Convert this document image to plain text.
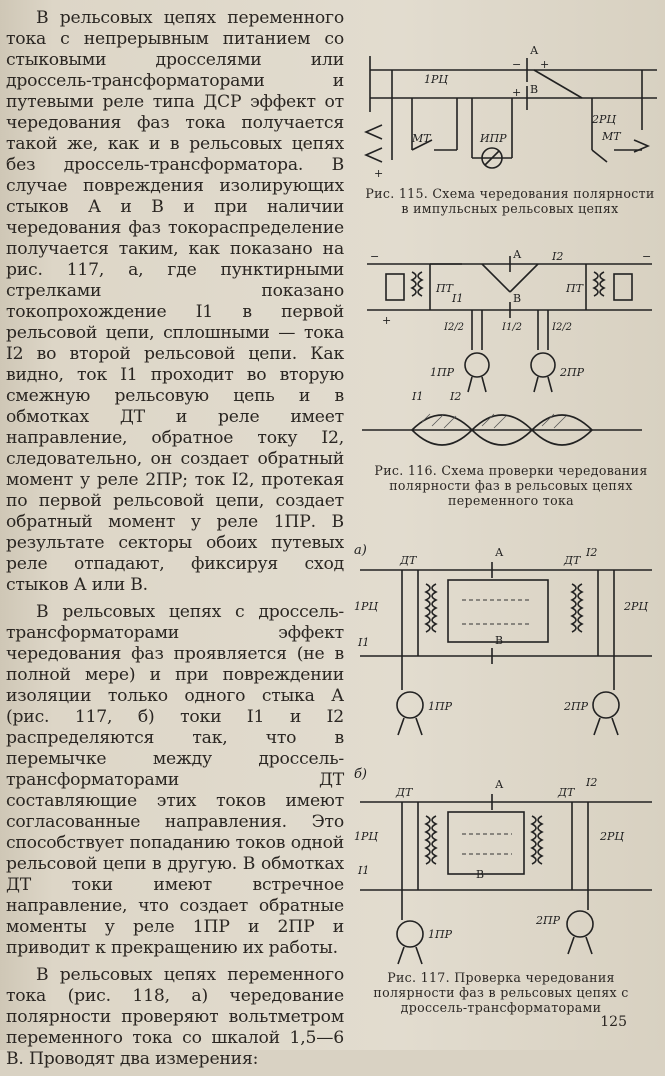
В рельсовых цепях переменного тока с непрерывным питанием со стыковыми дросселями или дроссель-трансформаторами и путевыми реле типа ДСР эффект от чередования фаз тока получается такой же, как и в рельсовых цепях без дроссель-трансформатора. В случае повреждения изолирующих стыков А и В и при наличии чередования фаз токораспределение получается таким, как показано на рис. 117, а, где пунктирными стрелками показано токопрохождение I1 в первой рельсовой цепи, сплошными — тока I2 во второй рельсовой цепи. Как видно, ток I1 проходит во вторую смежную рельсовую цепь и в обмотках ДТ и реле имеет направление, обратное току I2, следовательно, он создает обратный момент у реле 2ПР; ток I2, протекая по первой рельсовой цепи, создает обратный момент у реле 1ПР. В результате секторы обоих путевых реле отпадают, фиксируя сход стыков А или В.

В рельсовых цепях с дроссель-трансформаторами эффект чередования фаз проявляется (не в полной мере) и при повреждении изоляции только одного стыка А (рис. 117, б) токи I1 и I2 распределяются так, что в перемычке между дроссель-трансформаторами ДТ составляющие этих токов имеют согласованные направления. Это способствует попаданию токов одной рельсовой цепи в другую. В обмотках ДТ токи имеют встречное направление, что создает обратные моменты у реле 1ПР и 2ПР и приводит к прекращению их работы.

В рельсовых цепях переменного тока (рис. 118, а) чередование полярности проверяют вольтметром переменного тока со шкалой 1,5—6 В. Проводят два измерения:

А
В
1РЦ
2РЦ
МТ	МТ
ИПР
− +
+
+
Рис. 115. Схема чередования полярности в импульсных рельсовых цепях
А
В
ПТ	ПТ
I1
I2
I2/2	I1/2	I2/2
1ПР	2ПР
I1 I2
−	−
+
Рис. 116. Схема проверки чередования полярности фаз в рельсовых цепях переменного тока
а)	А
В
ДТ	ДТ
1РЦ	2РЦ
I1
I2
1ПР	2ПР
б)
А
В
ДТ	ДТ
1РЦ	2РЦ
I1
I2
1ПР
2ПР
Рис. 117. Проверка чередования полярности фаз в рельсовых цепях с дроссель-трансформаторами
125
